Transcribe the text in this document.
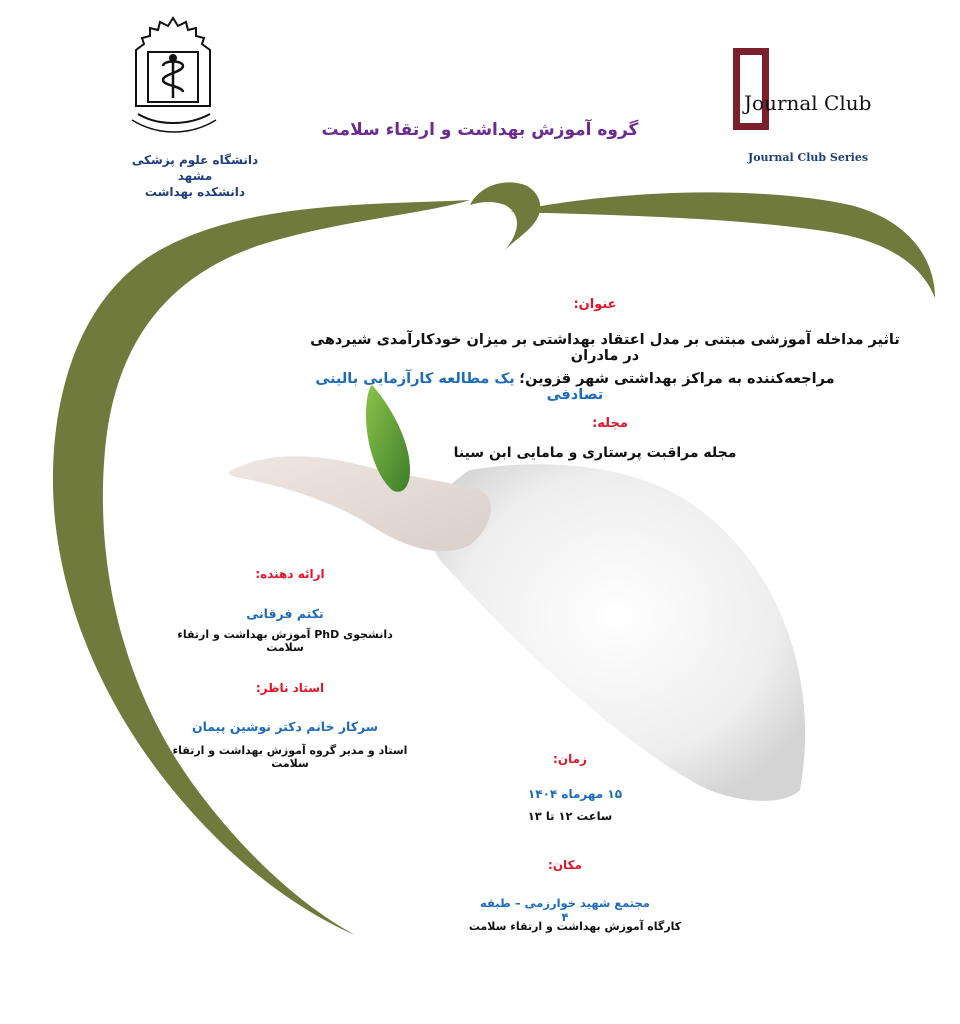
دانشگاه علوم پزشکی مشهد
دانشکده بهداشت
گروه آموزش بهداشت و ارتقاء سلامت
Journal Club
Journal Club Series
عنوان:
تاثیر مداخله آموزشی مبتنی بر مدل اعتقاد بهداشتی بر میزان خودکارآمدی شیردهی در مادران
مراجعه‌کننده به مراکز بهداشتی شهر قزوین؛ یک مطالعه کارآزمایی بالینی تصادفی
مجله:
مجله مراقبت پرستاری و مامایی ابن سینا
ارائه دهنده:
تکتم فرقانی
دانشجوی PhD آموزش بهداشت و ارتقاء سلامت
استاد ناظر:
سرکار خانم دکتر نوشین پیمان
استاد و مدیر گروه آموزش بهداشت و ارتقاء سلامت	زمان:
۱۵ مهرماه ۱۴۰۴
ساعت ۱۲ تا ۱۳
مکان:
مجتمع شهید خوارزمی – طبقه ۴
کارگاه آموزش بهداشت و ارتقاء سلامت
